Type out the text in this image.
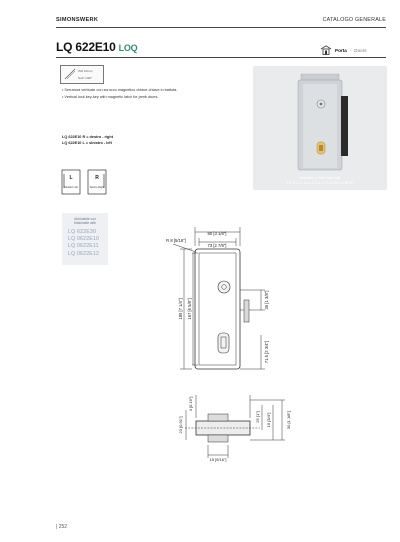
SIMONSWERK	CATALOGO GENERALE
LQ 622E10 LOQ	Porta - Doors
ISO 10mm
Golf. 1/20"
• Serratura verticale con scrocco magnetico chiave-chiave in battuta.
• Vertical lock key-key with magnetic latch for jamb doors.
LQ 622E10 R = destro - right
LQ 622E10 L = sinistro - left
L
Sinistro Left
R
Destro Right
Abbinabile a / Matchable with:
LQ 101-LQ 101-LQ 101-LQ 101-800-LQ 88-90
Abbinabile con
Matchable with
LQ 622E30
LQ 0622E10
LQ 0622E11
LQ 0622E12
80 [3 1/8"]
73 [2 7/8"]
R 8 [5/16"]
185 [7 1/4"] 167 [6 5/8"]	35 [1 3/8"]
71.5 [2 3/4"]
4 [0.16"]
25 [1"] 19 [3/4"]	30 [1 1/8"]
23 [0.91"]
15 [9/16"]
| 252
